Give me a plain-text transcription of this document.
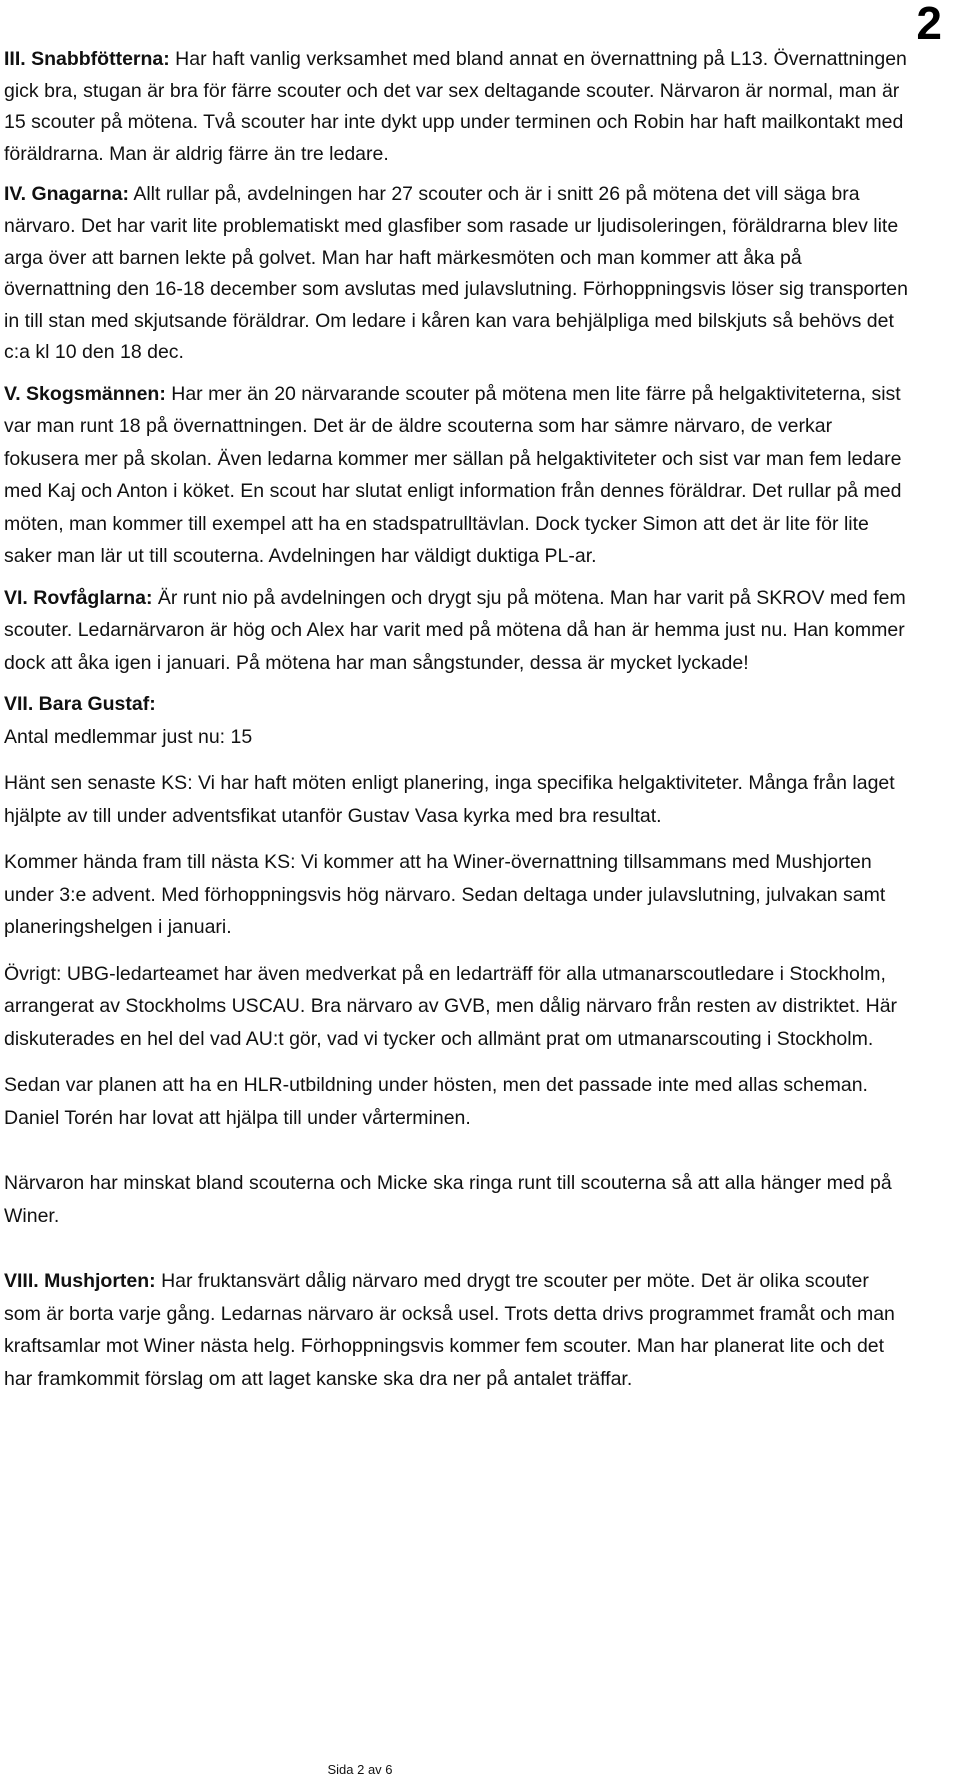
2

III. Snabbfötterna: Har haft vanlig verksamhet med bland annat en övernattning på L13. Övernattningen gick bra, stugan är bra för färre scouter och det var sex deltagande scouter. Närvaron är normal, man är 15 scouter på mötena. Två scouter har inte dykt upp under terminen och Robin har haft mailkontakt med föräldrarna. Man är aldrig färre än tre ledare.

IV. Gnagarna: Allt rullar på, avdelningen har 27 scouter och är i snitt 26 på mötena det vill säga bra närvaro. Det har varit lite problematiskt med glasfiber som rasade ur ljudisoleringen, föräldrarna blev lite arga över att barnen lekte på golvet. Man har haft märkesmöten och man kommer att åka på övernattning den 16-18 december som avslutas med julavslutning. Förhoppningsvis löser sig transporten in till stan med skjutsande föräldrar. Om ledare i kåren kan vara behjälpliga med bilskjuts så behövs det c:a kl 10 den 18 dec.

V. Skogsmännen: Har mer än 20 närvarande scouter på mötena men lite färre på helgaktiviteterna, sist var man runt 18 på övernattningen. Det är de äldre scouterna som har sämre närvaro, de verkar fokusera mer på skolan. Även ledarna kommer mer sällan på helgaktiviteter och sist var man fem ledare med Kaj och Anton i köket. En scout har slutat enligt information från dennes föräldrar. Det rullar på med möten, man kommer till exempel att ha en stadspatrulltävlan. Dock tycker Simon att det är lite för lite saker man lär ut till scouterna. Avdelningen har väldigt duktiga PL-ar.

VI. Rovfåglarna: Är runt nio på avdelningen och drygt sju på mötena. Man har varit på SKROV med fem scouter. Ledarnärvaron är hög och Alex har varit med på mötena då han är hemma just nu. Han kommer dock att åka igen i januari. På mötena har man sångstunder, dessa är mycket lyckade!

VII. Bara Gustaf:
Antal medlemmar just nu: 15

Hänt sen senaste KS: Vi har haft möten enligt planering, inga specifika helgaktiviteter. Många från laget hjälpte av till under adventsfikat utanför Gustav Vasa kyrka med bra resultat.

Kommer hända fram till nästa KS: Vi kommer att ha Winer-övernattning tillsammans med Mushjorten under 3:e advent. Med förhoppningsvis hög närvaro. Sedan deltaga under julavslutning, julvakan samt planeringshelgen i januari.

Övrigt: UBG-ledarteamet har även medverkat på en ledarträff för alla utmanarscoutledare i Stockholm, arrangerat av Stockholms USCAU. Bra närvaro av GVB, men dålig närvaro från resten av distriktet. Här diskuterades en hel del vad AU:t gör, vad vi tycker och allmänt prat om utmanarscouting i Stockholm.

Sedan var planen att ha en HLR-utbildning under hösten, men det passade inte med allas scheman. Daniel Torén har lovat att hjälpa till under vårterminen.

Närvaron har minskat bland scouterna och Micke ska ringa runt till scouterna så att alla hänger med på Winer.

VIII. Mushjorten: Har fruktansvärt dålig närvaro med drygt tre scouter per möte. Det är olika scouter som är borta varje gång. Ledarnas närvaro är också usel. Trots detta drivs programmet framåt och man kraftsamlar mot Winer nästa helg. Förhoppningsvis kommer fem scouter. Man har planerat lite och det har framkommit förslag om att laget kanske ska dra ner på antalet träffar.

Sida 2 av 6
